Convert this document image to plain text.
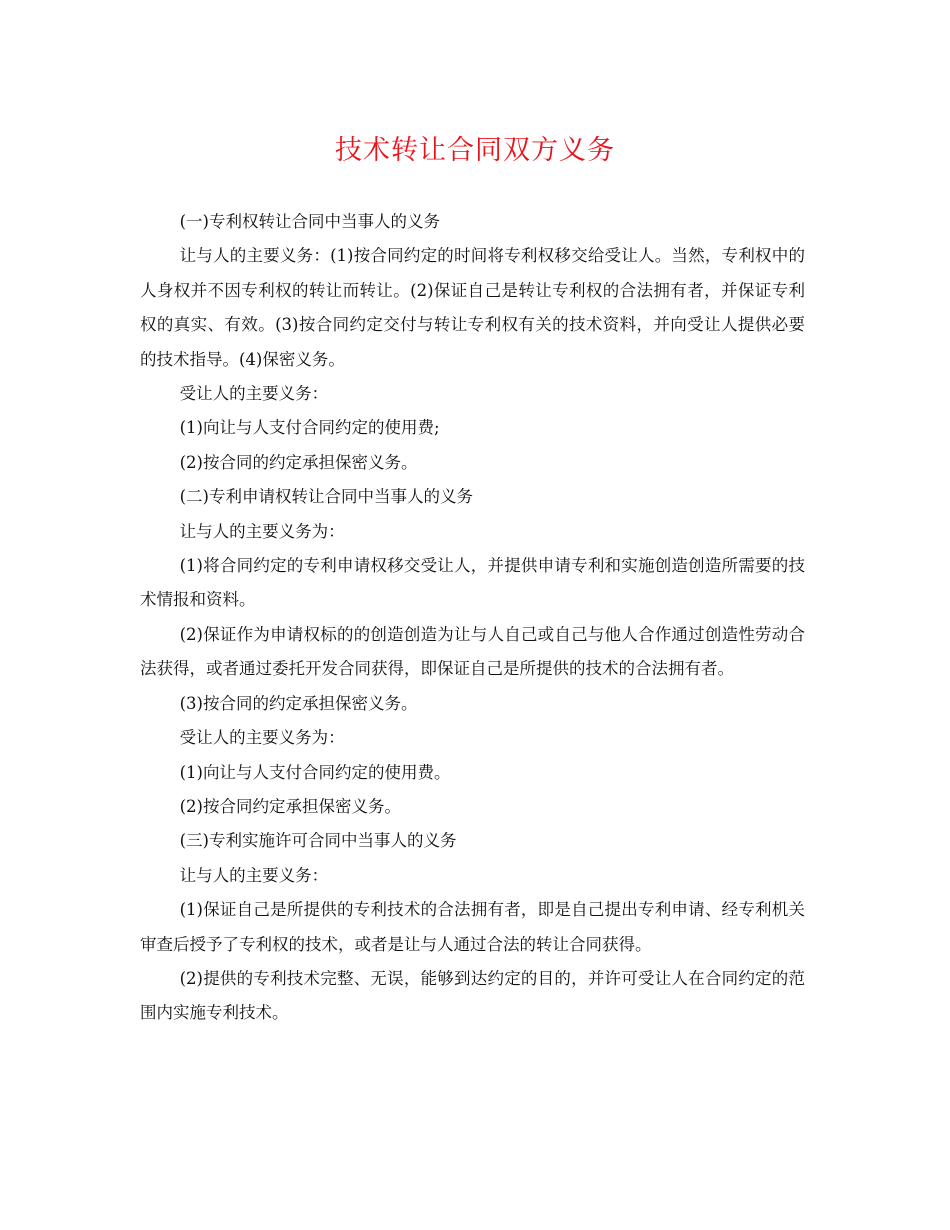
技术转让合同双方义务

(一)专利权转让合同中当事人的义务

让与人的主要义务：(1)按合同约定的时间将专利权移交给受让人。当然，专利权中的人身权并不因专利权的转让而转让。(2)保证自己是转让专利权的合法拥有者，并保证专利权的真实、有效。(3)按合同约定交付与转让专利权有关的技术资料，并向受让人提供必要的技术指导。(4)保密义务。

受让人的主要义务：

(1)向让与人支付合同约定的使用费;

(2)按合同的约定承担保密义务。

(二)专利申请权转让合同中当事人的义务

让与人的主要义务为：

(1)将合同约定的专利申请权移交受让人，并提供申请专利和实施创造创造所需要的技术情报和资料。

(2)保证作为申请权标的的创造创造为让与人自己或自己与他人合作通过创造性劳动合法获得，或者通过委托开发合同获得，即保证自己是所提供的技术的合法拥有者。

(3)按合同的约定承担保密义务。

受让人的主要义务为：

(1)向让与人支付合同约定的使用费。

(2)按合同约定承担保密义务。

(三)专利实施许可合同中当事人的义务

让与人的主要义务：

(1)保证自己是所提供的专利技术的合法拥有者，即是自己提出专利申请、经专利机关审查后授予了专利权的技术，或者是让与人通过合法的转让合同获得。

(2)提供的专利技术完整、无误，能够到达约定的目的，并许可受让人在合同约定的范围内实施专利技术。
